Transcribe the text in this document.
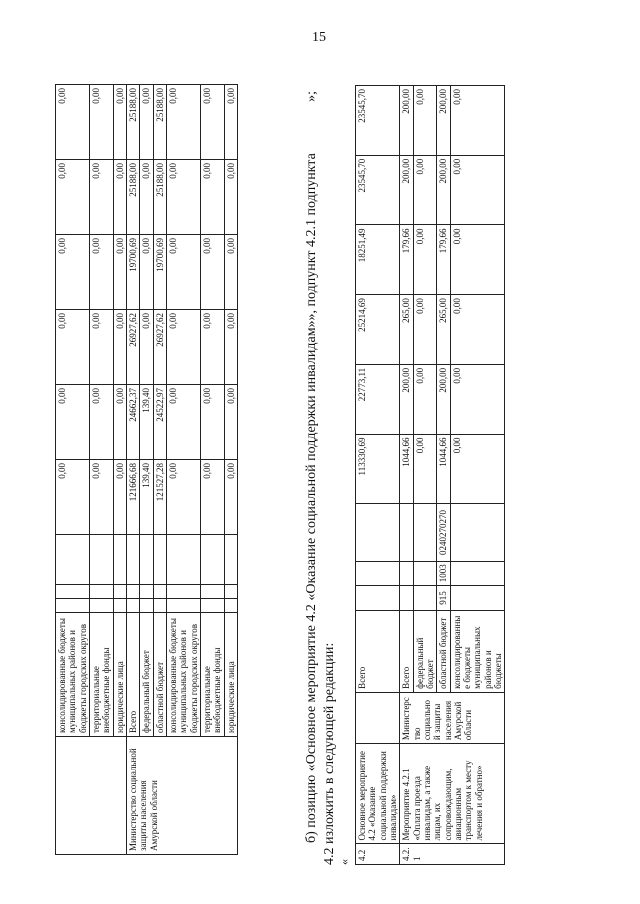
15
	консолидированные бюджеты муниципальных районов и бюджеты городских округов				0,00	0,00	0,00	0,00	0,00	0,00
	территориальные внебюджетные фонды				0,00	0,00	0,00	0,00	0,00	0,00
	юридические лица				0,00	0,00	0,00	0,00	0,00	0,00
Министерство социальной защиты населения Амурской области	Всего				121666,68	24662,37	26927,62	19700,69	25188,00	25188,00
	федеральный бюджет				139,40	139,40	0,00	0,00	0,00	0,00
	областной бюджет				121527,28	24522,97	26927,62	19700,69	25188,00	25188,00
	консолидированные бюджеты муниципальных районов и бюджеты городских округов				0,00	0,00	0,00	0,00	0,00	0,00
	территориальные внебюджетные фонды				0,00	0,00	0,00	0,00	0,00	0,00
	юридические лица				0,00	0,00	0,00	0,00	0,00	0,00	»;
б) позицию «Основное мероприятие 4.2 «Оказание социальной поддержки инвалидам»», подпункт 4.2.1 подпункта 4.2 изложить в следующей редакции: «
4.2	Основное мероприятие 4.2 «Оказание социальной поддержки инвалидам»		Всего				113330,69	22773,11	25214,69	18251,49	23545,70	23545,70
4.2.1	Мероприятие 4.2.1 «Оплата проезда инвалидам, а также лицам, их сопровождающим, авиационным транспортом к месту лечения и обратно»	Министерство социальной защиты населения Амурской области	Всего				1044,66	200,00	265,00	179,66	200,00	200,00
			федеральный бюджет				0,00	0,00	0,00	0,00	0,00	0,00
			областной бюджет	915	1003	0240270270	1044,66	200,00	265,00	179,66	200,00	200,00
			консолидированные бюджеты муниципальных районов и бюджеты				0,00	0,00	0,00	0,00	0,00	0,00
